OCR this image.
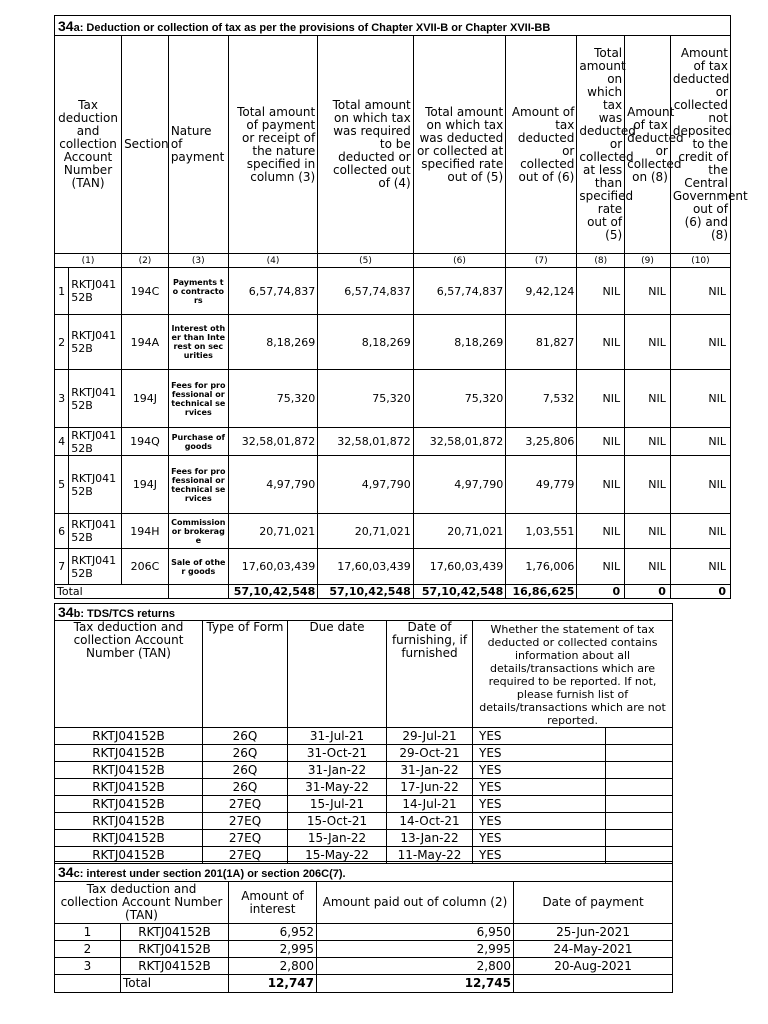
34a: Deduction or collection of tax as per the provisions of Chapter XVII-B or Chapter XVII-BB										
Tax deduction and collection Account Number (TAN)		Section	Nature of payment	Total amount of payment or receipt of the nature specified in column (3)	Total amount on which tax was required to be deducted or collected out of (4)	Total amount on which tax was deducted or collected at specified rate out of (5)	Amount of tax deducted or collected out of (6)	Total amount on which tax was deducted or collected at less than specified rate out of (5)	Amount of tax deducted or collected on (8)	Amount of tax deducted or collected not deposited to the credit of the Central Government out of (6) and (8)
(1)		(2)	(3)	(4)	(5)	(6)	(7)	(8)	(9)	(10)
1	RKTJ04152B	194C	Payments to contractors	6,57,74,837	6,57,74,837	6,57,74,837	9,42,124	NIL	NIL	NIL
2	RKTJ04152B	194A	Interest other than Interest on securities	8,18,269	8,18,269	8,18,269	81,827	NIL	NIL	NIL
3	RKTJ04152B	194J	Fees for professional or technical services	75,320	75,320	75,320	7,532	NIL	NIL	NIL
4	RKTJ04152B	194Q	Purchase of goods	32,58,01,872	32,58,01,872	32,58,01,872	3,25,806	NIL	NIL	NIL
5	RKTJ04152B	194J	Fees for professional or technical services	4,97,790	4,97,790	4,97,790	49,779	NIL	NIL	NIL
6	RKTJ04152B	194H	Commission or brokerage	20,71,021	20,71,021	20,71,021	1,03,551	NIL	NIL	NIL
7	RKTJ04152B	206C	Sale of other goods	17,60,03,439	17,60,03,439	17,60,03,439	1,76,006	NIL	NIL	NIL
Total				57,10,42,548	57,10,42,548	57,10,42,548	16,86,625	0	0	0
34b: TDS/TCS returns					
Tax deduction and collection Account Number (TAN)	Type of Form	Due date	Date of furnishing, if furnished	Whether the statement of tax deducted or collected contains information about all details/transactions which are required to be reported. If not, please furnish list of details/transactions which are not reported.	
RKTJ04152B	26Q	31-Jul-21	29-Jul-21	YES	
RKTJ04152B	26Q	31-Oct-21	29-Oct-21	YES	
RKTJ04152B	26Q	31-Jan-22	31-Jan-22	YES	
RKTJ04152B	26Q	31-May-22	17-Jun-22	YES	
RKTJ04152B	27EQ	15-Jul-21	14-Jul-21	YES	
RKTJ04152B	27EQ	15-Oct-21	14-Oct-21	YES	
RKTJ04152B	27EQ	15-Jan-22	13-Jan-22	YES	
RKTJ04152B	27EQ	15-May-22	11-May-22	YES	
34c: interest under section 201(1A) or section 206C(7).				
Tax deduction and collection Account Number (TAN)		Amount of interest	Amount paid out of column (2)	Date of payment
1	RKTJ04152B	6,952	6,950	25-Jun-2021
2	RKTJ04152B	2,995	2,995	24-May-2021
3	RKTJ04152B	2,800	2,800	20-Aug-2021
	Total	12,747	12,745	
